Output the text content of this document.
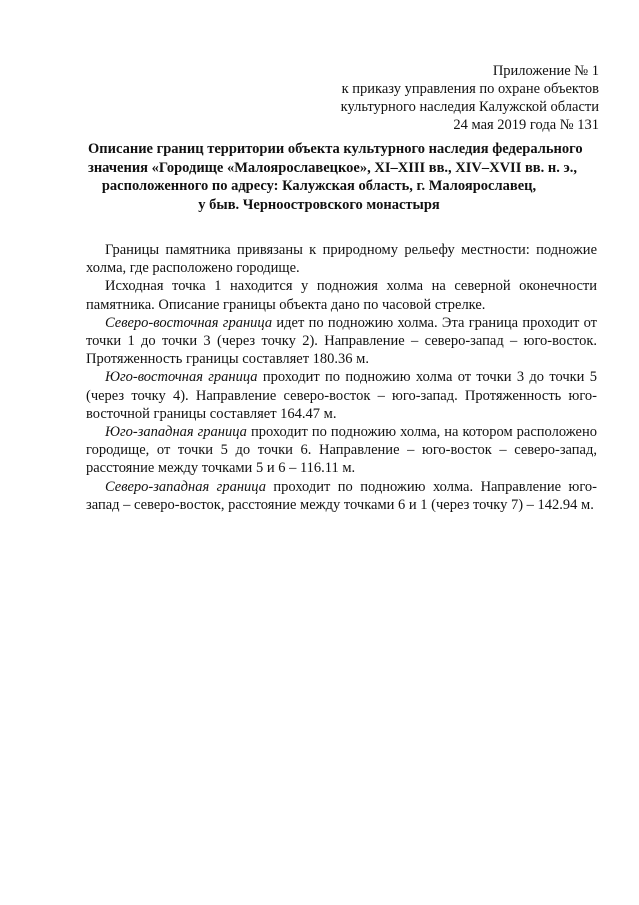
Приложение № 1
к приказу управления по охране объектов
культурного наследия Калужской области
24 мая 2019 года № 131
Описание границ территории объекта культурного наследия федерального
значения «Городище «Малоярославецкое», XI–XIII вв., XIV–XVII вв. н. э.,
расположенного по адресу: Калужская область, г. Малоярославец,
у быв. Черноостровского монастыря

Границы памятника привязаны к природному рельефу местности: подножие холма, где расположено городище.

Исходная точка 1 находится у подножия холма на северной оконечности памятника. Описание границы объекта дано по часовой стрелке.

Северо-восточная граница идет по подножию холма. Эта граница проходит от точки 1 до точки 3 (через точку 2). Направление – северо-запад – юго-восток. Протяженность границы составляет 180.36 м.

Юго-восточная граница проходит по подножию холма от точки 3 до точки 5 (через точку 4). Направление северо-восток – юго-запад. Протяженность юго-восточной границы составляет 164.47 м.

Юго-западная граница проходит по подножию холма, на котором расположено городище, от точки 5 до точки 6. Направление – юго-восток – северо-запад, расстояние между точками 5 и 6 – 116.11 м.

Северо-западная граница проходит по подножию холма. Направление юго-запад – северо-восток, расстояние между точками 6 и 1 (через точку 7) – 142.94 м.
